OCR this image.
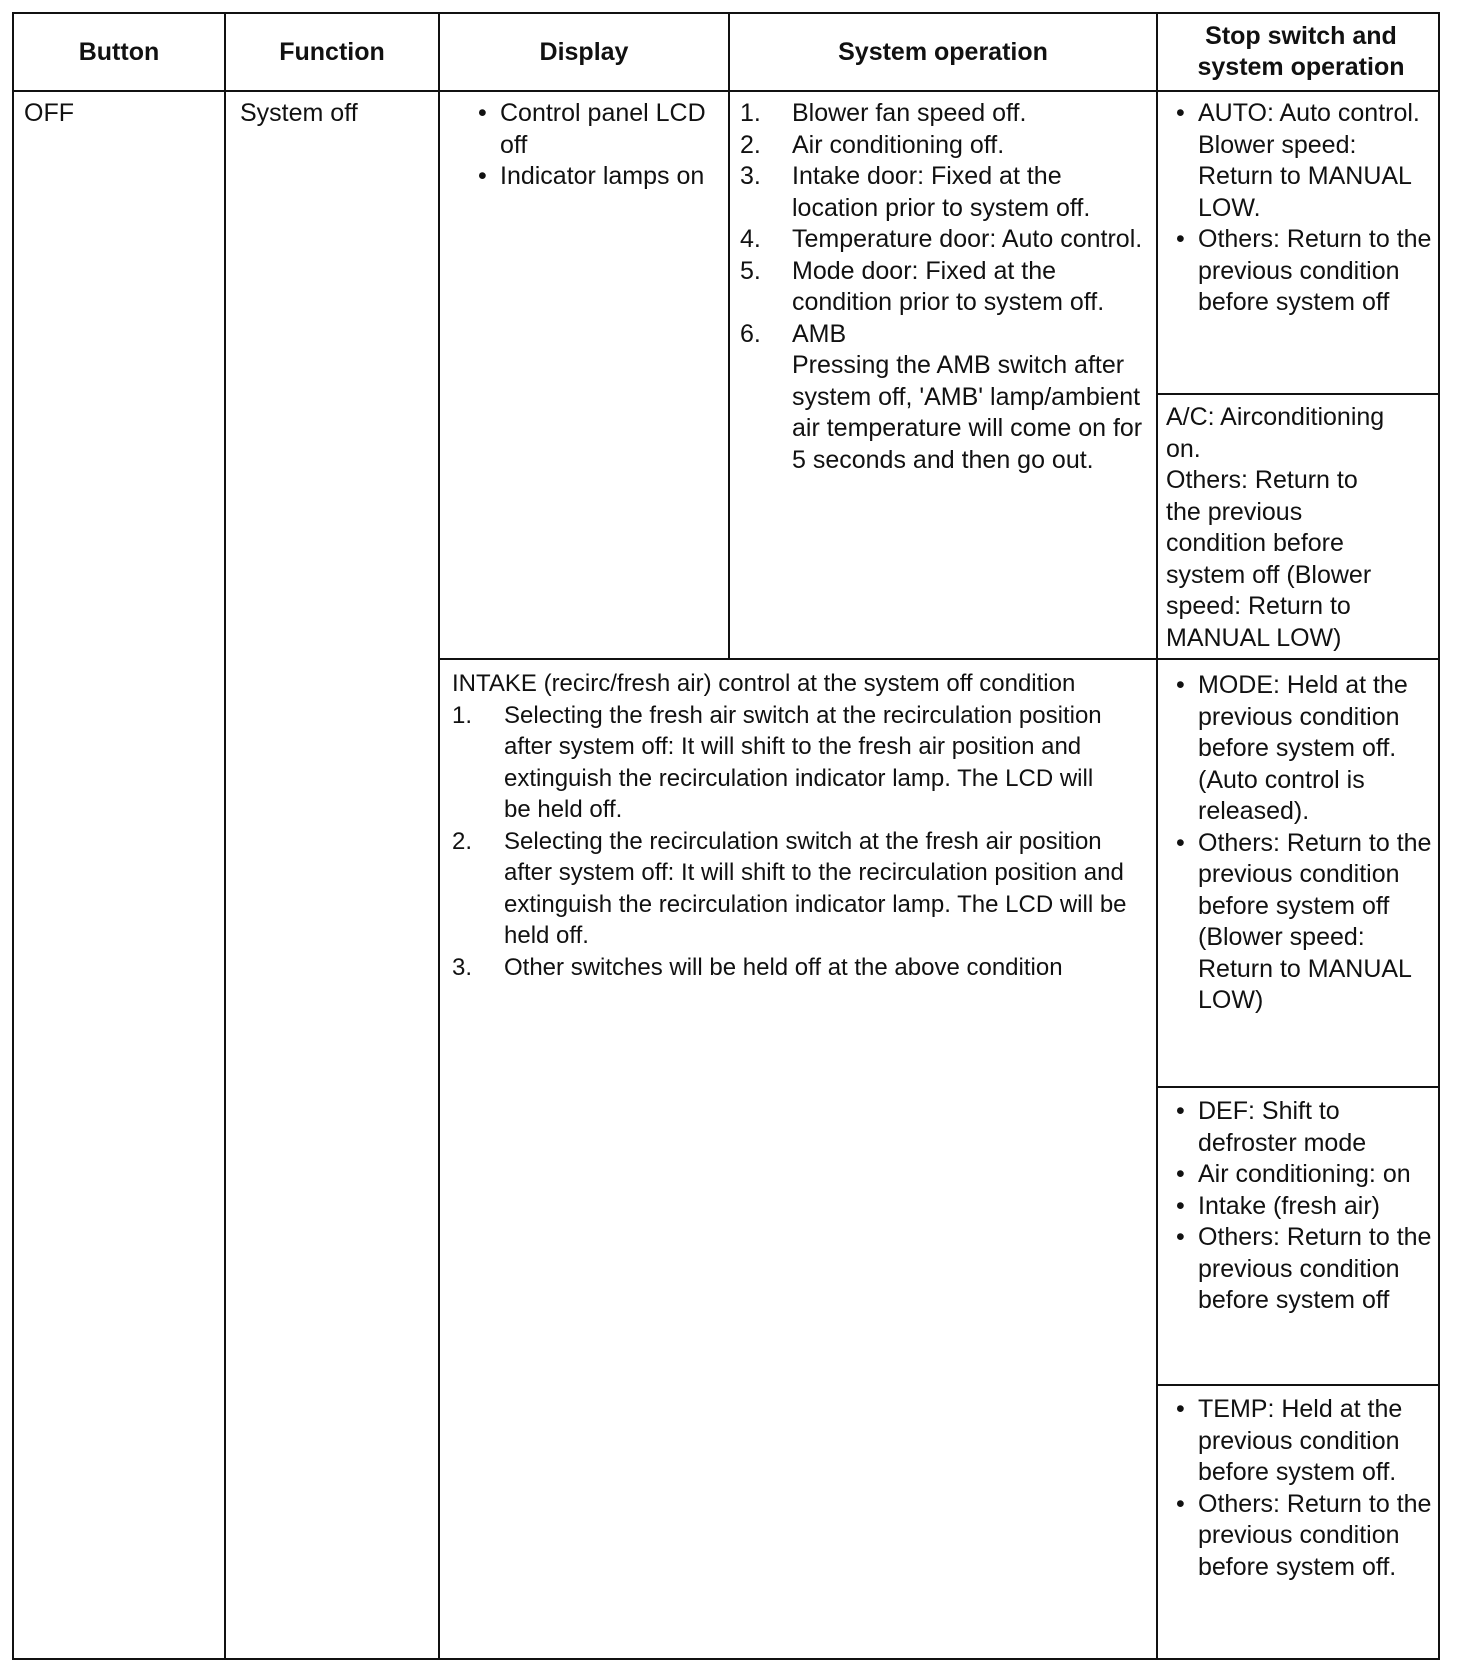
Button	Function	Display	System operation
Stop switch and system operation
OFF	System off
•	Control panel LCD off
• Indicator lamps on
1.	Blower fan speed off.
2.	Air conditioning off.
3.	Intake door: Fixed at the location prior to system off.
4.	Temperature door: Auto control.
5.	Mode door: Fixed at the condition prior to system off.
6.	AMB
Pressing the AMB switch after system off, 'AMB' lamp/ambient air temperature will come on for 5 seconds and then go out.
INTAKE (recirc/fresh air) control at the system off condition
1.	Selecting the fresh air switch at the recirculation position after system off: It will shift to the fresh air position and extinguish the recirculation indicator lamp. The LCD will be held off.
2.	Selecting the recirculation switch at the fresh air position after system off: It will shift to the recirculation position and extinguish the recirculation indicator lamp. The LCD will be held off.
3.	Other switches will be held off at the above condition
• AUTO: Auto control. Blower speed: Return to MANUAL LOW.
• Others: Return to the previous condition before system off
A/C: Airconditioning on.
Others: Return to the previous condition before system off (Blower speed: Return to MANUAL LOW)
• MODE: Held at the previous condition before system off. (Auto control is released).
• Others: Return to the previous condition before system off (Blower speed: Return to MANUAL LOW)
• DEF: Shift to defroster mode
• Air conditioning: on
• Intake (fresh air)
• Others: Return to the previous condition before system off
• TEMP: Held at the previous condition before system off.
• Others: Return to the previous condition before system off.
